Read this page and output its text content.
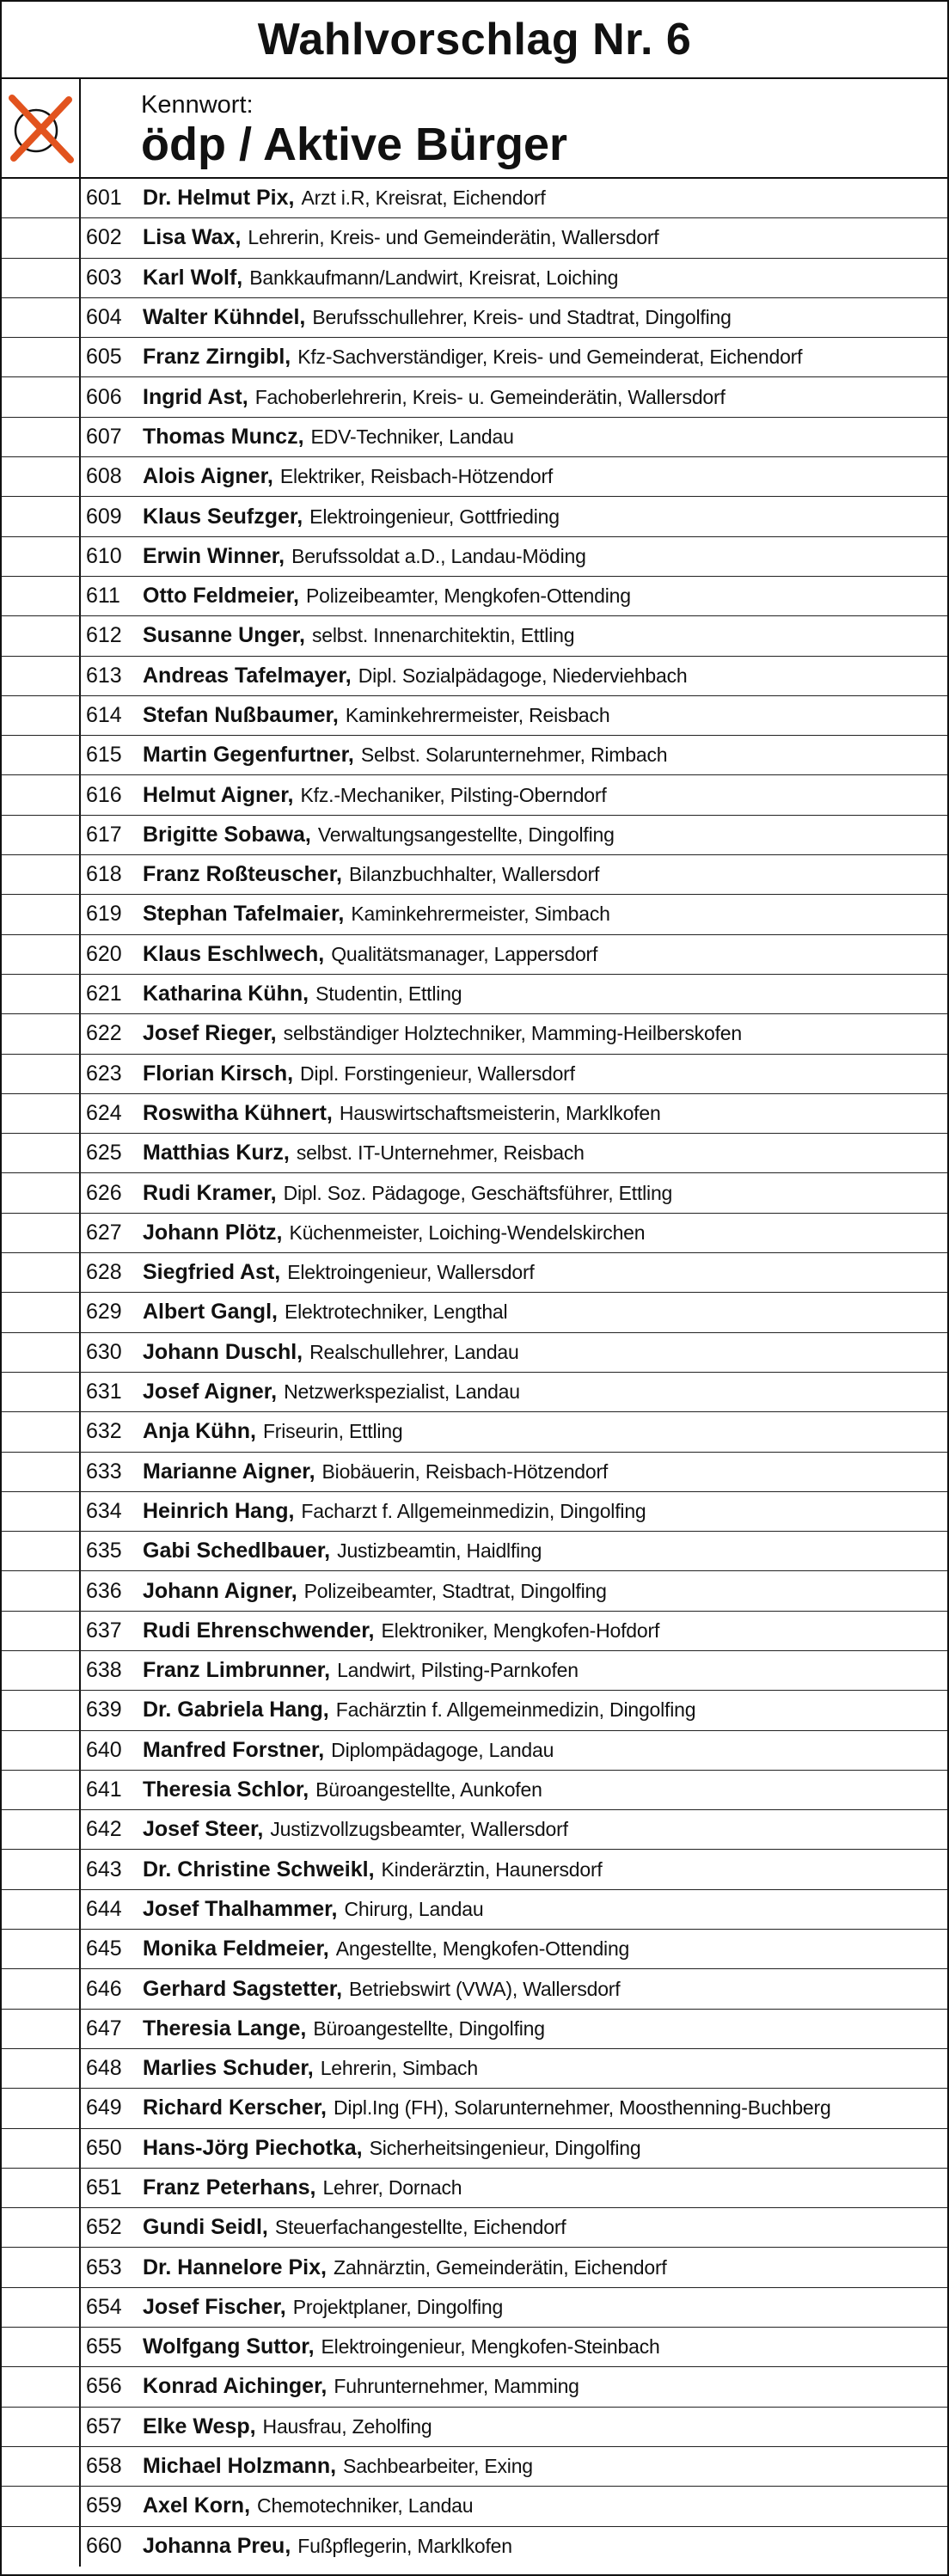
Wahlvorschlag Nr. 6
Kennwort:
ödp / Aktive Bürger
601 Dr. Helmut Pix, Arzt i.R, Kreisrat, Eichendorf
602 Lisa Wax, Lehrerin, Kreis- und Gemeinderätin, Wallersdorf
603 Karl Wolf, Bankkaufmann/Landwirt, Kreisrat, Loiching
604 Walter Kühndel, Berufsschullehrer, Kreis- und Stadtrat, Dingolfing
605 Franz Zirngibl, Kfz-Sachverständiger, Kreis- und Gemeinderat, Eichendorf
606 Ingrid Ast, Fachoberlehrerin, Kreis- u. Gemeinderätin, Wallersdorf
607 Thomas Muncz, EDV-Techniker, Landau
608 Alois Aigner, Elektriker, Reisbach-Hötzendorf
609 Klaus Seufzger, Elektroingenieur, Gottfrieding
610 Erwin Winner, Berufssoldat a.D., Landau-Möding
611	Otto Feldmeier, Polizeibeamter, Mengkofen-Ottending
612 Susanne Unger, selbst. Innenarchitektin, Ettling
613 Andreas Tafelmayer, Dipl. Sozialpädagoge, Niederviehbach
614 Stefan Nußbaumer, Kaminkehrermeister, Reisbach
615 Martin Gegenfurtner, Selbst. Solarunternehmer, Rimbach
616 Helmut Aigner, Kfz.-Mechaniker, Pilsting-Oberndorf
617 Brigitte Sobawa, Verwaltungsangestellte, Dingolfing
618 Franz Roßteuscher, Bilanzbuchhalter, Wallersdorf
619 Stephan Tafelmaier, Kaminkehrermeister, Simbach
620 Klaus Eschlwech, Qualitätsmanager, Lappersdorf
621 Katharina Kühn, Studentin, Ettling
622 Josef Rieger, selbständiger Holztechniker, Mamming-Heilberskofen
623 Florian Kirsch, Dipl. Forstingenieur, Wallersdorf
624 Roswitha Kühnert, Hauswirtschaftsmeisterin, Marklkofen
625 Matthias Kurz, selbst. IT-Unternehmer, Reisbach
626 Rudi Kramer, Dipl. Soz. Pädagoge, Geschäftsführer, Ettling
627 Johann Plötz, Küchenmeister, Loiching-Wendelskirchen
628 Siegfried Ast, Elektroingenieur, Wallersdorf
629 Albert Gangl, Elektrotechniker, Lengthal
630 Johann Duschl, Realschullehrer, Landau
631 Josef Aigner, Netzwerkspezialist, Landau
632 Anja Kühn, Friseurin, Ettling
633 Marianne Aigner, Biobäuerin, Reisbach-Hötzendorf
634 Heinrich Hang, Facharzt f. Allgemeinmedizin, Dingolfing
635 Gabi Schedlbauer, Justizbeamtin, Haidlfing
636 Johann Aigner, Polizeibeamter, Stadtrat, Dingolfing
637 Rudi Ehrenschwender, Elektroniker, Mengkofen-Hofdorf
638 Franz Limbrunner, Landwirt, Pilsting-Parnkofen
639 Dr. Gabriela Hang, Fachärztin f. Allgemeinmedizin, Dingolfing
640 Manfred Forstner, Diplompädagoge, Landau
641 Theresia Schlor, Büroangestellte, Aunkofen
642 Josef Steer, Justizvollzugsbeamter, Wallersdorf
643 Dr. Christine Schweikl, Kinderärztin, Haunersdorf
644 Josef Thalhammer, Chirurg, Landau
645 Monika Feldmeier, Angestellte, Mengkofen-Ottending
646 Gerhard Sagstetter, Betriebswirt (VWA), Wallersdorf
647 Theresia Lange, Büroangestellte, Dingolfing
648 Marlies Schuder, Lehrerin, Simbach
649 Richard Kerscher, Dipl.Ing (FH), Solarunternehmer, Moosthenning-Buchberg
650 Hans-Jörg Piechotka, Sicherheitsingenieur, Dingolfing
651 Franz Peterhans, Lehrer, Dornach
652 Gundi Seidl, Steuerfachangestellte, Eichendorf
653 Dr. Hannelore Pix, Zahnärztin, Gemeinderätin, Eichendorf
654 Josef Fischer, Projektplaner, Dingolfing
655 Wolfgang Suttor, Elektroingenieur, Mengkofen-Steinbach
656 Konrad Aichinger, Fuhrunternehmer, Mamming
657 Elke Wesp, Hausfrau, Zeholfing
658 Michael Holzmann, Sachbearbeiter, Exing
659 Axel Korn, Chemotechniker, Landau
660 Johanna Preu, Fußpflegerin, Marklkofen
